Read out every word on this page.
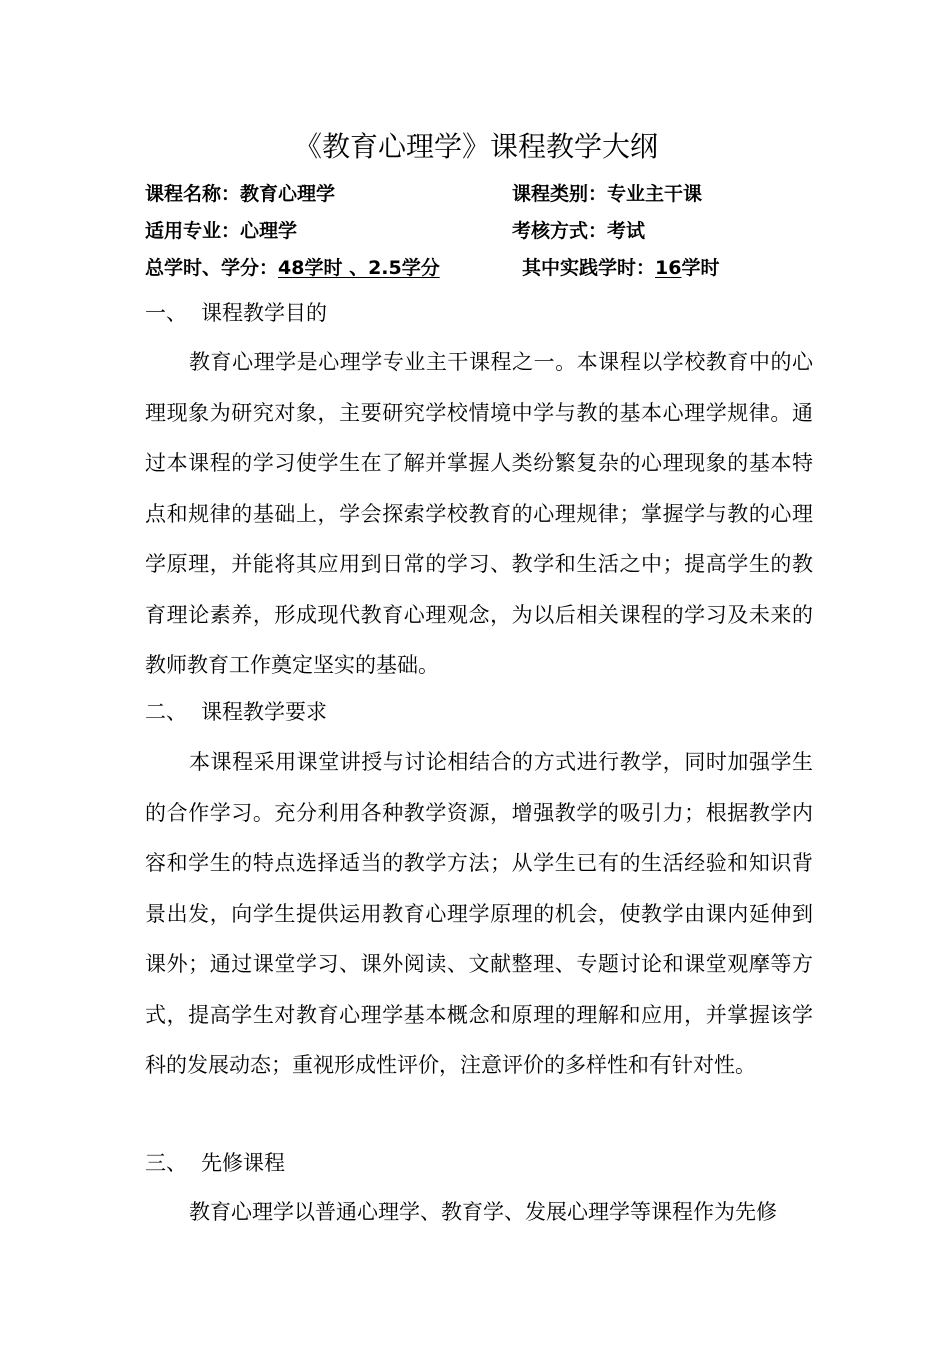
《教育心理学》课程教学大纲
课程名称：教育心理学	课程类别：专业主干课
适用专业：心理学	考核方式：考试
总学时、学分：48学时 、2.5学分	其中实践学时：16学时
一、 课程教学目的
教育心理学是心理学专业主干课程之一。本课程以学校教育中的心理现象为研究对象，主要研究学校情境中学与教的基本心理学规律。通过本课程的学习使学生在了解并掌握人类纷繁复杂的心理现象的基本特点和规律的基础上，学会探索学校教育的心理规律；掌握学与教的心理学原理，并能将其应用到日常的学习、教学和生活之中；提高学生的教育理论素养，形成现代教育心理观念，为以后相关课程的学习及未来的教师教育工作奠定坚实的基础。
二、 课程教学要求
本课程采用课堂讲授与讨论相结合的方式进行教学，同时加强学生的合作学习。充分利用各种教学资源，增强教学的吸引力；根据教学内容和学生的特点选择适当的教学方法；从学生已有的生活经验和知识背景出发，向学生提供运用教育心理学原理的机会，使教学由课内延伸到课外；通过课堂学习、课外阅读、文献整理、专题讨论和课堂观摩等方式，提高学生对教育心理学基本概念和原理的理解和应用，并掌握该学科的发展动态；重视形成性评价，注意评价的多样性和有针对性。
三、 先修课程
教育心理学以普通心理学、教育学、发展心理学等课程作为先修
